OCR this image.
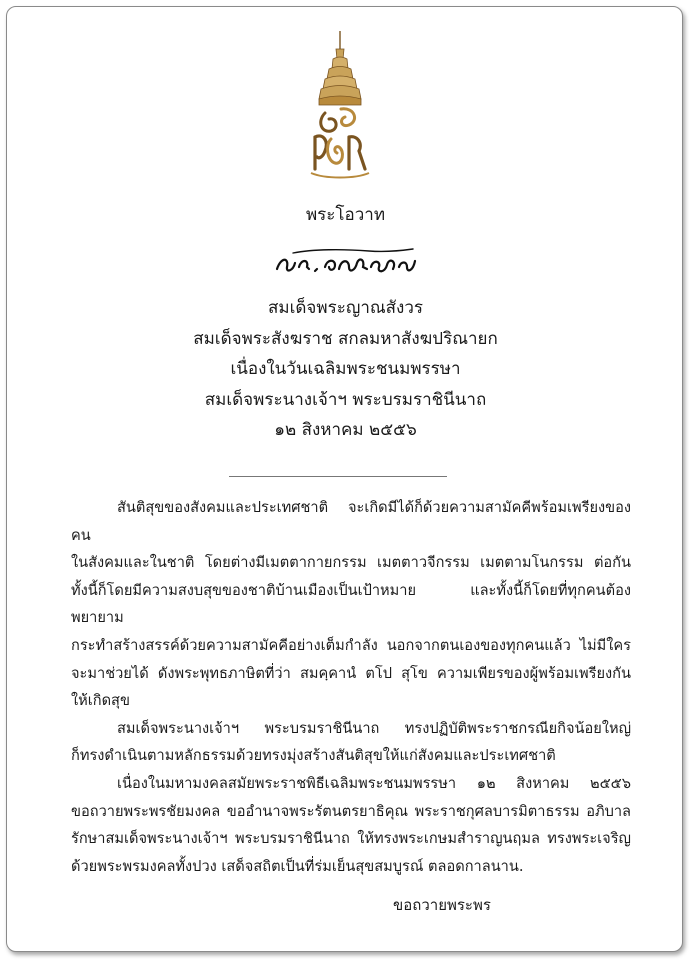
พระโอวาท
สมเด็จพระญาณสังวร
สมเด็จพระสังฆราช สกลมหาสังฆปริณายก
เนื่องในวันเฉลิมพระชนมพรรษา
สมเด็จพระนางเจ้าฯ พระบรมราชินีนาถ
๑๒ สิงหาคม ๒๕๕๖

สันติสุขของสังคมและประเทศชาติ จะเกิดมีได้ก็ด้วยความสามัคคีพร้อมเพรียงของคน

ในสังคมและในชาติ โดยต่างมีเมตตากายกรรม เมตตาวจีกรรม เมตตามโนกรรม ต่อกัน

ทั้งนี้ก็โดยมีความสงบสุขของชาติบ้านเมืองเป็นเป้าหมาย และทั้งนี้ก็โดยที่ทุกคนต้องพยายาม

กระทำสร้างสรรค์ด้วยความสามัคคีอย่างเต็มกำลัง นอกจากตนเองของทุกคนแล้ว ไม่มีใคร

จะมาช่วยได้ ดังพระพุทธภาษิตที่ว่า สมคฺคานํ ตโป สุโข ความเพียรของผู้พร้อมเพรียงกัน

ให้เกิดสุข

สมเด็จพระนางเจ้าฯ พระบรมราชินีนาถ ทรงปฏิบัติพระราชกรณียกิจน้อยใหญ่

ก็ทรงดำเนินตามหลักธรรมด้วยทรงมุ่งสร้างสันติสุขให้แก่สังคมและประเทศชาติ

เนื่องในมหามงคลสมัยพระราชพิธีเฉลิมพระชนมพรรษา ๑๒ สิงหาคม ๒๕๕๖

ขอถวายพระพรชัยมงคล ขออำนาจพระรัตนตรยาธิคุณ พระราชกุศลบารมิตาธรรม อภิบาล

รักษาสมเด็จพระนางเจ้าฯ พระบรมราชินีนาถ ให้ทรงพระเกษมสำราญนฤมล ทรงพระเจริญ

ด้วยพระพรมงคลทั้งปวง เสด็จสถิตเป็นที่ร่มเย็นสุขสมบูรณ์ ตลอดกาลนาน.

ขอถวายพระพร
